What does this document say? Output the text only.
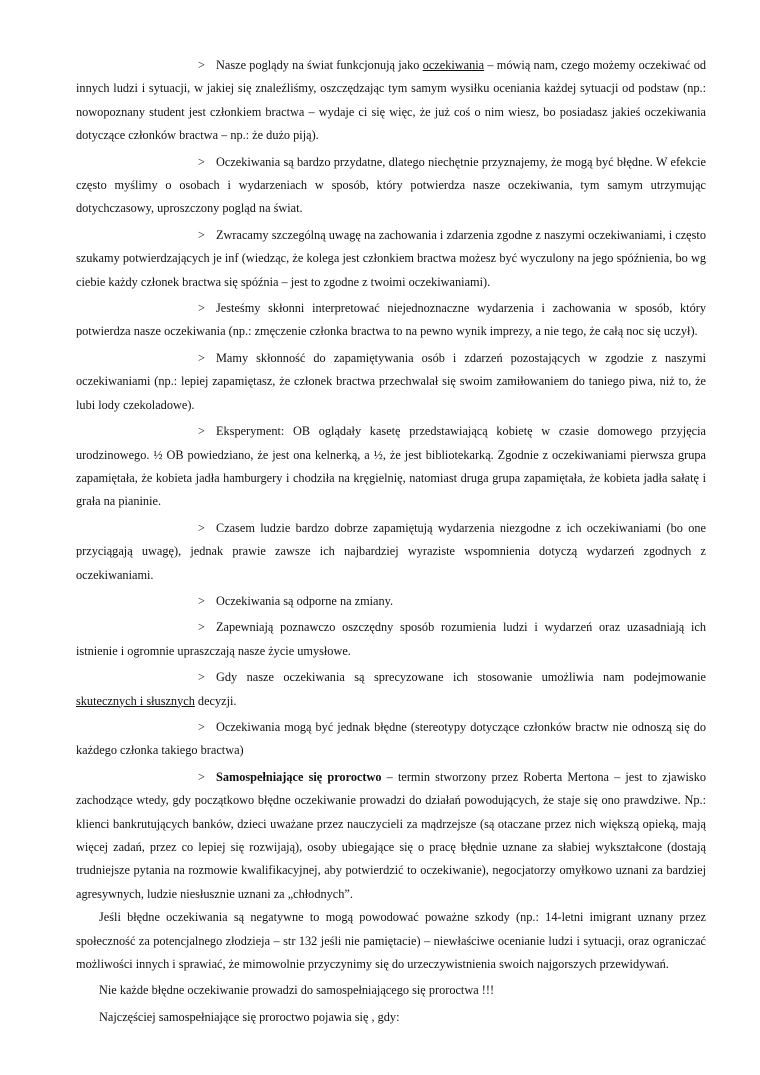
> Nasze poglądy na świat funkcjonują jako oczekiwania – mówią nam, czego możemy oczekiwać od innych ludzi i sytuacji, w jakiej się znaleźliśmy, oszczędzając tym samym wysiłku oceniania każdej sytuacji od podstaw (np.: nowopoznany student jest członkiem bractwa – wydaje ci się więc, że już coś o nim wiesz, bo posiadasz jakieś oczekiwania dotyczące członków bractwa – np.: że dużo piją).

> Oczekiwania są bardzo przydatne, dlatego niechętnie przyznajemy, że mogą być błędne. W efekcie często myślimy o osobach i wydarzeniach w sposób, który potwierdza nasze oczekiwania, tym samym utrzymując dotychczasowy, uproszczony pogląd na świat.

> Zwracamy szczególną uwagę na zachowania i zdarzenia zgodne z naszymi oczekiwaniami, i często szukamy potwierdzających je inf (wiedząc, że kolega jest członkiem bractwa możesz być wyczulony na jego spóźnienia, bo wg ciebie każdy członek bractwa się spóźnia – jest to zgodne z twoimi oczekiwaniami).

> Jesteśmy skłonni interpretować niejednoznaczne wydarzenia i zachowania w sposób, który potwierdza nasze oczekiwania (np.: zmęczenie członka bractwa to na pewno wynik imprezy, a nie tego, że całą noc się uczył).

> Mamy skłonność do zapamiętywania osób i zdarzeń pozostających w zgodzie z naszymi oczekiwaniami (np.: lepiej zapamiętasz, że członek bractwa przechwalał się swoim zamiłowaniem do taniego piwa, niż to, że lubi lody czekoladowe).

> Eksperyment: OB oglądały kasetę przedstawiającą kobietę w czasie domowego przyjęcia urodzinowego. ½ OB powiedziano, że jest ona kelnerką, a ½, że jest bibliotekarką. Zgodnie z oczekiwaniami pierwsza grupa zapamiętała, że kobieta jadła hamburgery i chodziła na kręgielnię, natomiast druga grupa zapamiętała, że kobieta jadła sałatę i grała na pianinie.

> Czasem ludzie bardzo dobrze zapamiętują wydarzenia niezgodne z ich oczekiwaniami (bo one przyciągają uwagę), jednak prawie zawsze ich najbardziej wyraziste wspomnienia dotyczą wydarzeń zgodnych z oczekiwaniami.

> Oczekiwania są odporne na zmiany.

> Zapewniają poznawczo oszczędny sposób rozumienia ludzi i wydarzeń oraz uzasadniają ich istnienie i ogromnie upraszczają nasze życie umysłowe.

> Gdy nasze oczekiwania są sprecyzowane ich stosowanie umożliwia nam podejmowanie skutecznych i słusznych decyzji.

> Oczekiwania mogą być jednak błędne (stereotypy dotyczące członków bractw nie odnoszą się do każdego członka takiego bractwa)

> Samospełniające się proroctwo – termin stworzony przez Roberta Mertona – jest to zjawisko zachodzące wtedy, gdy początkowo błędne oczekiwanie prowadzi do działań powodujących, że staje się ono prawdziwe. Np.: klienci bankrutujących banków, dzieci uważane przez nauczycieli za mądrzejsze (są otaczane przez nich większą opieką, mają więcej zadań, przez co lepiej się rozwijają), osoby ubiegające się o pracę błędnie uznane za słabiej wykształcone (dostają trudniejsze pytania na rozmowie kwalifikacyjnej, aby potwierdzić to oczekiwanie), negocjatorzy omyłkowo uznani za bardziej agresywnych, ludzie niesłusznie uznani za „chłodnych”.

Jeśli błędne oczekiwania są negatywne to mogą powodować poważne szkody (np.: 14-letni imigrant uznany przez społeczność za potencjalnego złodzieja – str 132 jeśli nie pamiętacie) – niewłaściwe ocenianie ludzi i sytuacji, oraz ograniczać możliwości innych i sprawiać, że mimowolnie przyczynimy się do urzeczywistnienia swoich najgorszych przewidywań.

Nie każde błędne oczekiwanie prowadzi do samospełniającego się proroctwa !!!

Najczęściej samospełniające się proroctwo pojawia się , gdy:
